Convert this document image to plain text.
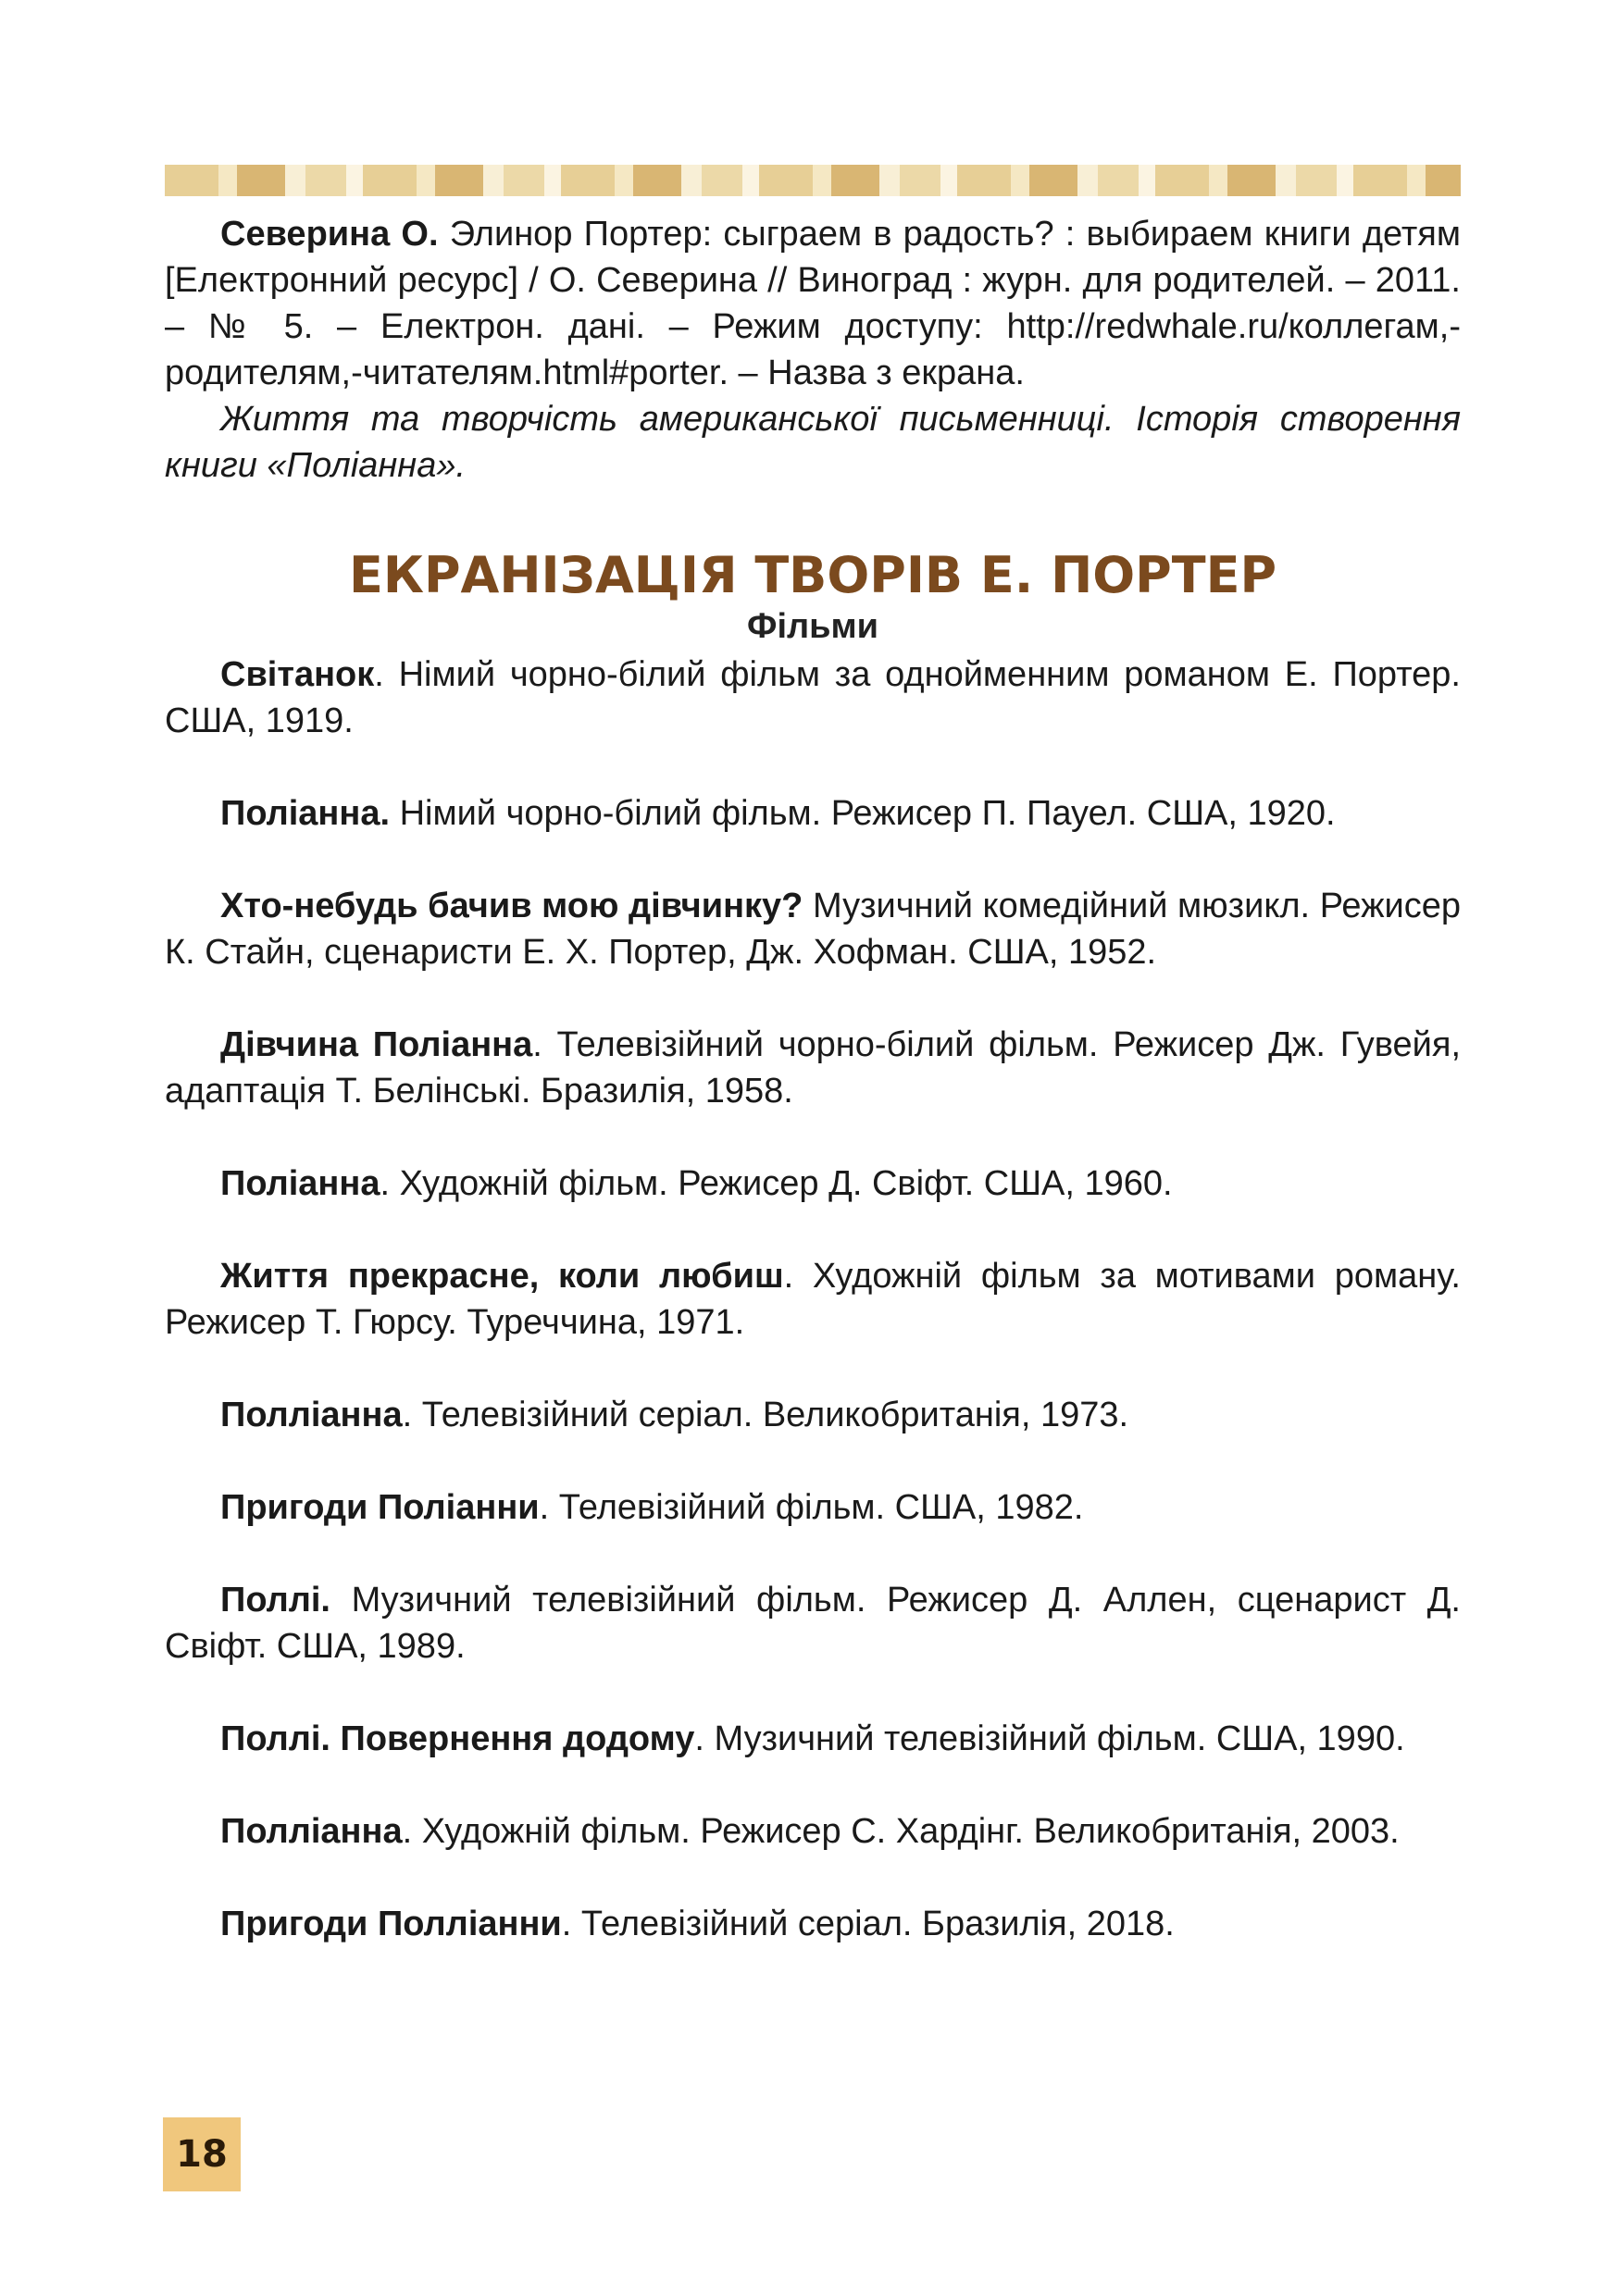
Северина О. Элинор Портер: сыграем в радость? : выбираем книги детям [Електронний ресурс] / О. Северина // Виноград : журн. для родителей. – 2011. – № 5. – Електрон. дані. – Режим доступу: http://redwhale.ru/коллегам,-родителям,-читателям.html#porter. – Назва з екрана.

Життя та творчість американської письменниці. Історія створення книги «Поліанна».

ЕКРАНІЗАЦІЯ ТВОРІВ Е. ПОРТЕР
Фільми

Світанок. Німий чорно-білий фільм за однойменним романом Е. Портер. США, 1919.

Поліанна. Німий чорно-білий фільм. Режисер П. Пауел. США, 1920.

Хто-небудь бачив мою дівчинку? Музичний комедійний мюзикл. Режисер К. Стайн, сценаристи Е. Х. Портер, Дж. Хофман. США, 1952.

Дівчина Поліанна. Телевізійний чорно-білий фільм. Режисер Дж. Гувейя, адаптація Т. Белінські. Бразилія, 1958.

Поліанна. Художній фільм. Режисер Д. Свіфт. США, 1960.

Життя прекрасне, коли любиш. Художній фільм за мотивами роману. Режисер Т. Гюрсу. Туреччина, 1971.

Полліанна. Телевізійний серіал. Великобританія, 1973.

Пригоди Поліанни. Телевізійний фільм. США, 1982.

Поллі. Музичний телевізійний фільм. Режисер Д. Аллен, сценарист Д. Свіфт. США, 1989.

Поллі. Повернення додому. Музичний телевізійний фільм. США, 1990.

Полліанна. Художній фільм. Режисер С. Хардінг. Великобританія, 2003.

Пригоди Полліанни. Телевізійний серіал. Бразилія, 2018.

18
